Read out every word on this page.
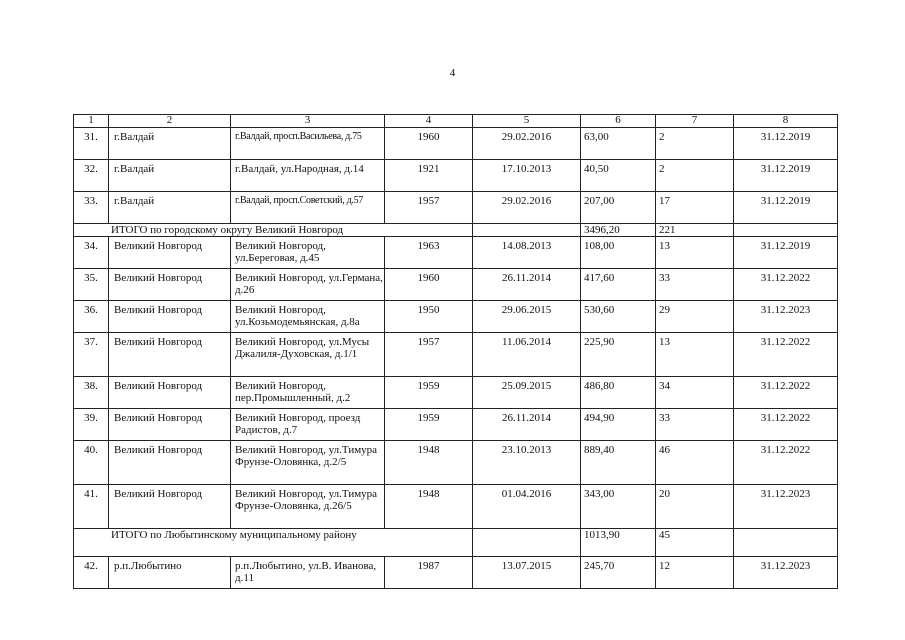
4
1	2	3	4	5	6	7	8
31.	г.Валдай	г.Валдай, просп.Васильева, д.75	1960	29.02.2016	63,00	2	31.12.2019
32.	г.Валдай	г.Валдай, ул.Народная, д.14	1921	17.10.2013	40,50	2	31.12.2019
33.	г.Валдай	г.Валдай, просп.Советский, д.57	1957	29.02.2016	207,00	17	31.12.2019
ИТОГО по городскому округу Великий Новгород					3496,20	221	
34.	Великий Новгород	Великий Новгород, ул.Береговая, д.45	1963	14.08.2013	108,00	13	31.12.2019
35.	Великий Новгород	Великий Новгород, ул.Германа, д.26	1960	26.11.2014	417,60	33	31.12.2022
36.	Великий Новгород	Великий Новгород, ул.Козьмодемьянская, д.8а	1950	29.06.2015	530,60	29	31.12.2023
37.	Великий Новгород	Великий Новгород, ул.Мусы Джалиля-Духовская, д.1/1	1957	11.06.2014	225,90	13	31.12.2022
38.	Великий Новгород	Великий Новгород, пер.Промышленный, д.2	1959	25.09.2015	486,80	34	31.12.2022
39.	Великий Новгород	Великий Новгород, проезд Радистов, д.7	1959	26.11.2014	494,90	33	31.12.2022
40.	Великий Новгород	Великий Новгород, ул.Тимура Фрунзе-Оловянка, д.2/5	1948	23.10.2013	889,40	46	31.12.2022
41.	Великий Новгород	Великий Новгород, ул.Тимура Фрунзе-Оловянка, д.26/5	1948	01.04.2016	343,00	20	31.12.2023
ИТОГО по Любытинскому муниципальному району					1013,90	45	
42.	р.п.Любытино	р.п.Любытино, ул.В. Иванова, д.11	1987	13.07.2015	245,70	12	31.12.2023
